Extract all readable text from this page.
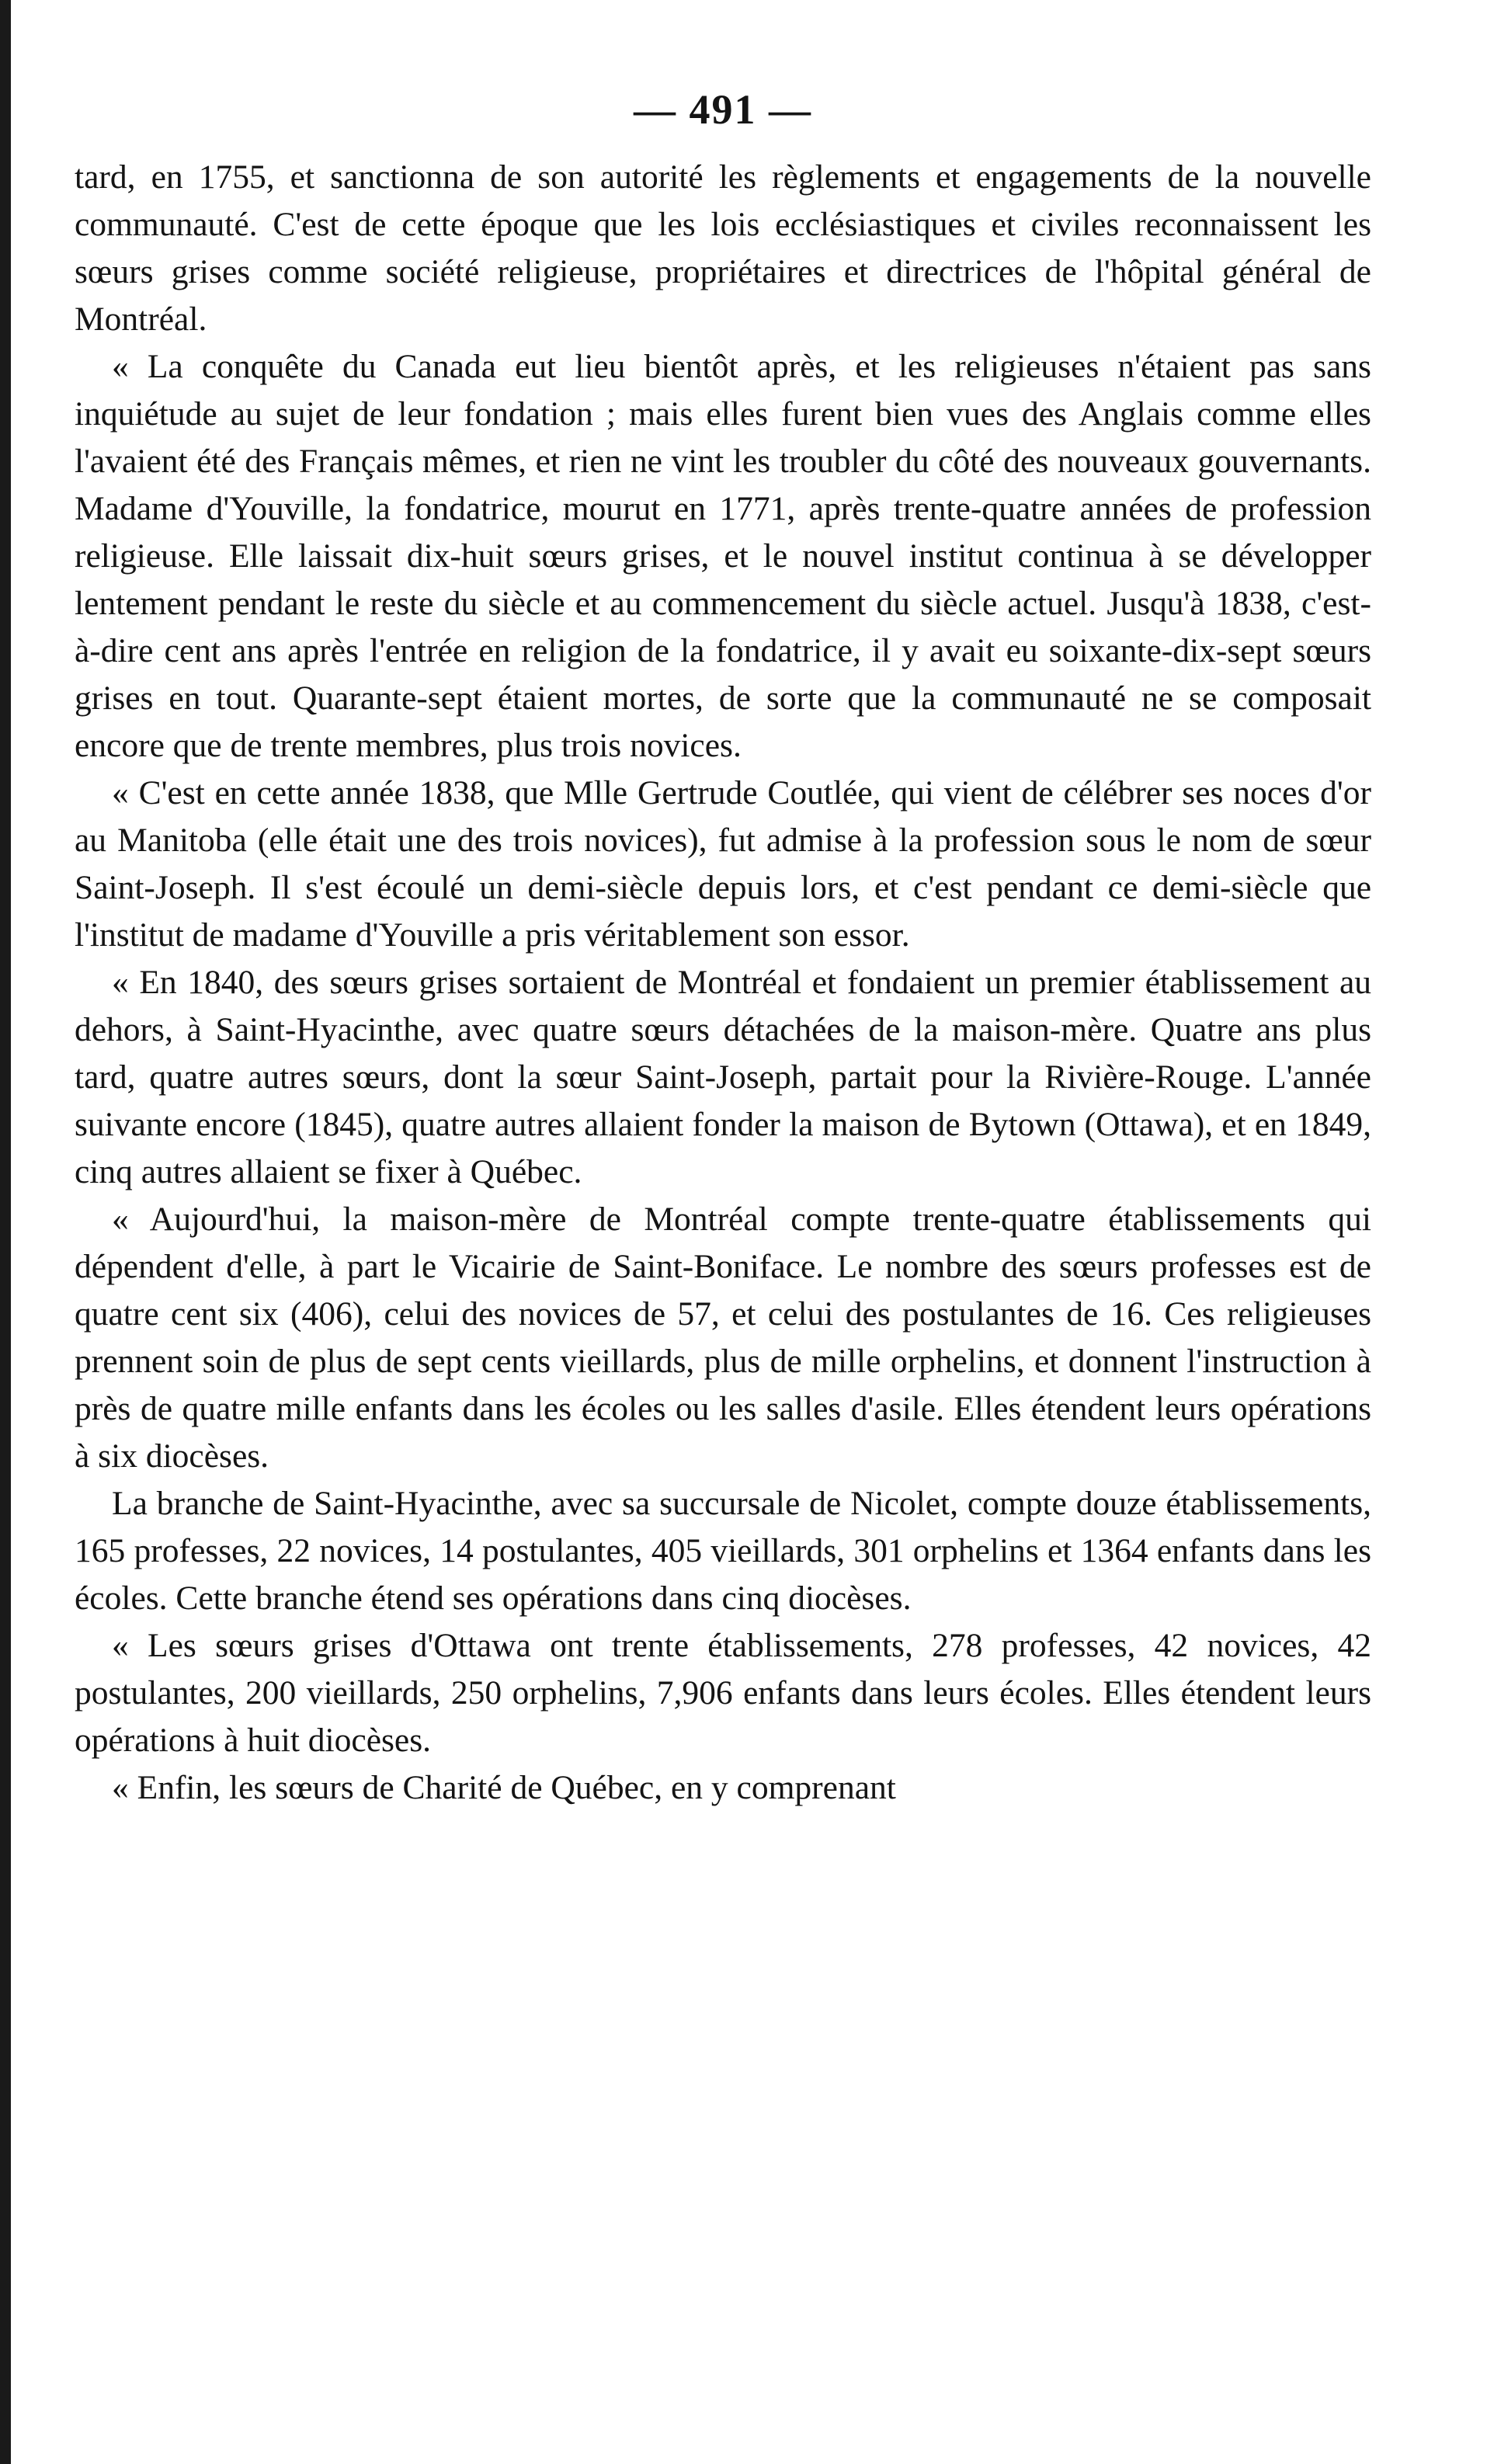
— 491 —

tard, en 1755, et sanctionna de son autorité les règlements et engagements de la nouvelle communauté. C'est de cette époque que les lois ecclésiastiques et civiles reconnaissent les sœurs grises comme société religieuse, propriétaires et directrices de l'hôpital général de Montréal.

« La conquête du Canada eut lieu bientôt après, et les religieuses n'étaient pas sans inquiétude au sujet de leur fondation ; mais elles furent bien vues des Anglais comme elles l'avaient été des Français mêmes, et rien ne vint les troubler du côté des nouveaux gouvernants. Madame d'Youville, la fondatrice, mourut en 1771, après trente-quatre années de profession religieuse. Elle laissait dix-huit sœurs grises, et le nouvel institut continua à se développer lentement pendant le reste du siècle et au commencement du siècle actuel. Jusqu'à 1838, c'est-à-dire cent ans après l'entrée en religion de la fondatrice, il y avait eu soixante-dix-sept sœurs grises en tout. Quarante-sept étaient mortes, de sorte que la communauté ne se composait encore que de trente membres, plus trois novices.

« C'est en cette année 1838, que Mlle Gertrude Coutlée, qui vient de célébrer ses noces d'or au Manitoba (elle était une des trois novices), fut admise à la profession sous le nom de sœur Saint-Joseph. Il s'est écoulé un demi-siècle depuis lors, et c'est pendant ce demi-siècle que l'institut de madame d'Youville a pris véritablement son essor.

« En 1840, des sœurs grises sortaient de Montréal et fondaient un premier établissement au dehors, à Saint-Hyacinthe, avec quatre sœurs détachées de la maison-mère. Quatre ans plus tard, quatre autres sœurs, dont la sœur Saint-Joseph, partait pour la Rivière-Rouge. L'année suivante encore (1845), quatre autres allaient fonder la maison de Bytown (Ottawa), et en 1849, cinq autres allaient se fixer à Québec.

« Aujourd'hui, la maison-mère de Montréal compte trente-quatre établissements qui dépendent d'elle, à part le Vicairie de Saint-Boniface. Le nombre des sœurs professes est de quatre cent six (406), celui des novices de 57, et celui des postulantes de 16. Ces religieuses prennent soin de plus de sept cents vieillards, plus de mille orphelins, et donnent l'instruction à près de quatre mille enfants dans les écoles ou les salles d'asile. Elles étendent leurs opérations à six diocèses.

La branche de Saint-Hyacinthe, avec sa succursale de Nicolet, compte douze établissements, 165 professes, 22 novices, 14 postulantes, 405 vieillards, 301 orphelins et 1364 enfants dans les écoles. Cette branche étend ses opérations dans cinq diocèses.

« Les sœurs grises d'Ottawa ont trente établissements, 278 professes, 42 novices, 42 postulantes, 200 vieillards, 250 orphelins, 7,906 enfants dans leurs écoles. Elles étendent leurs opérations à huit diocèses.

« Enfin, les sœurs de Charité de Québec, en y comprenant
